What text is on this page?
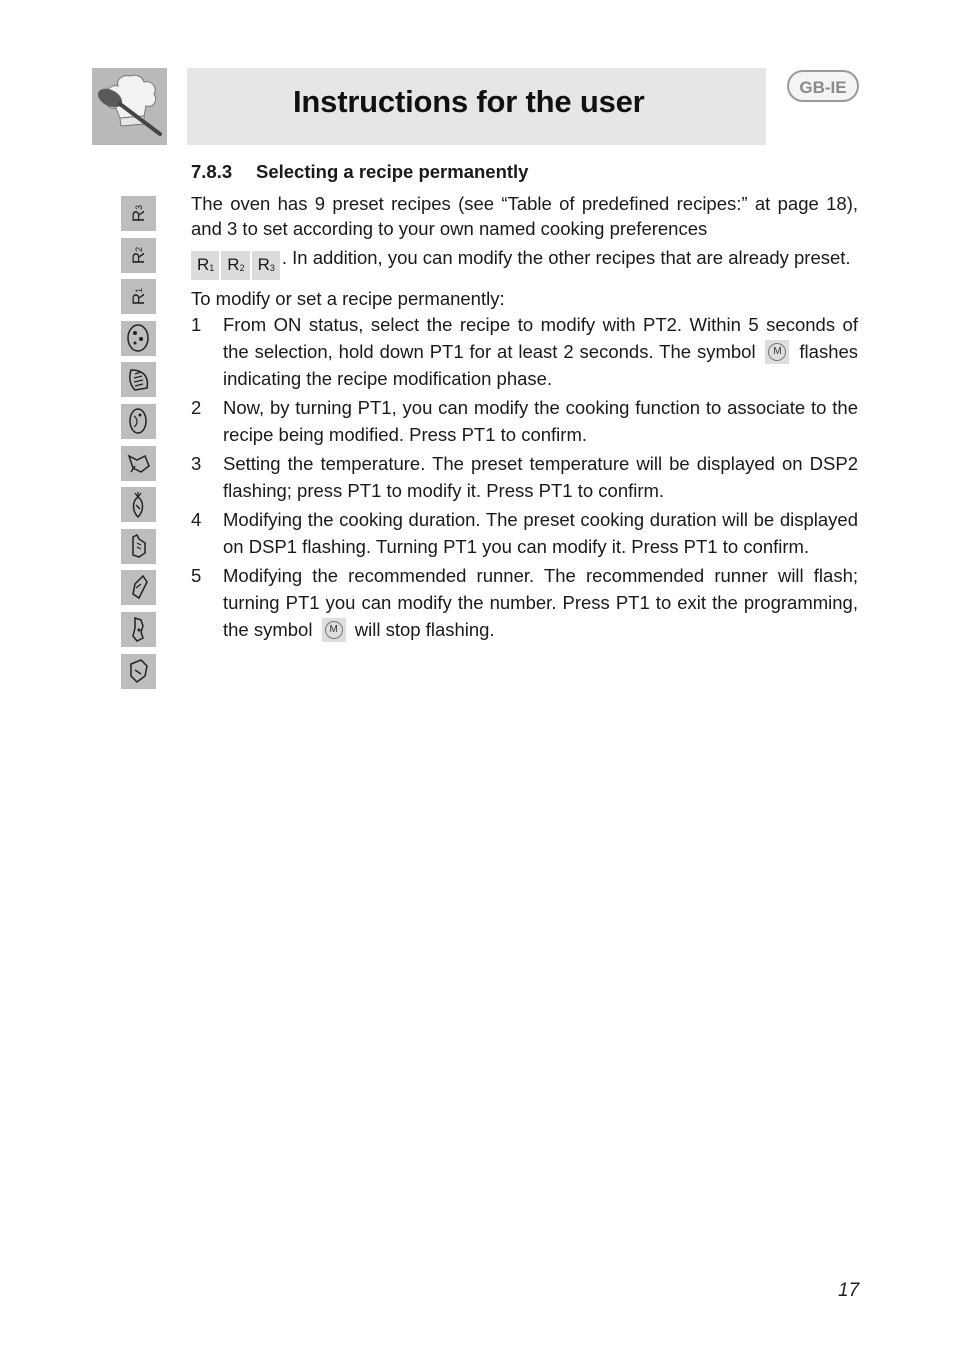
Instructions for the user	GB-IE
R
3
R
2
R
1
7.8.3 Selecting a recipe permanently

The oven has 9 preset recipes (see “Table of predefined recipes:” at page 18), and 3 to set according to your own named cooking preferences
$R_1$ $R_2$ $R_3$ . In addition, you can modify the other recipes that are already preset.

To modify or set a recipe permanently:

1 From ON status, select the recipe to modify with PT2. Within 5 seconds of the selection, hold down PT1 for at least 2 seconds. The symbol	M flashes indicating the recipe modification phase.
2 Now, by turning PT1, you can modify the cooking function to associate to the recipe being modified. Press PT1 to confirm.
3 Setting the temperature. The preset temperature will be displayed on DSP2 flashing; press PT1 to modify it. Press PT1 to confirm.
4 Modifying the cooking duration. The preset cooking duration will be displayed on DSP1 flashing. Turning PT1 you can modify it. Press PT1 to confirm.
5 Modifying the recommended runner. The recommended runner will flash; turning PT1 you can modify the number. Press PT1 to exit the programming, the symbol	M will stop flashing.
17
